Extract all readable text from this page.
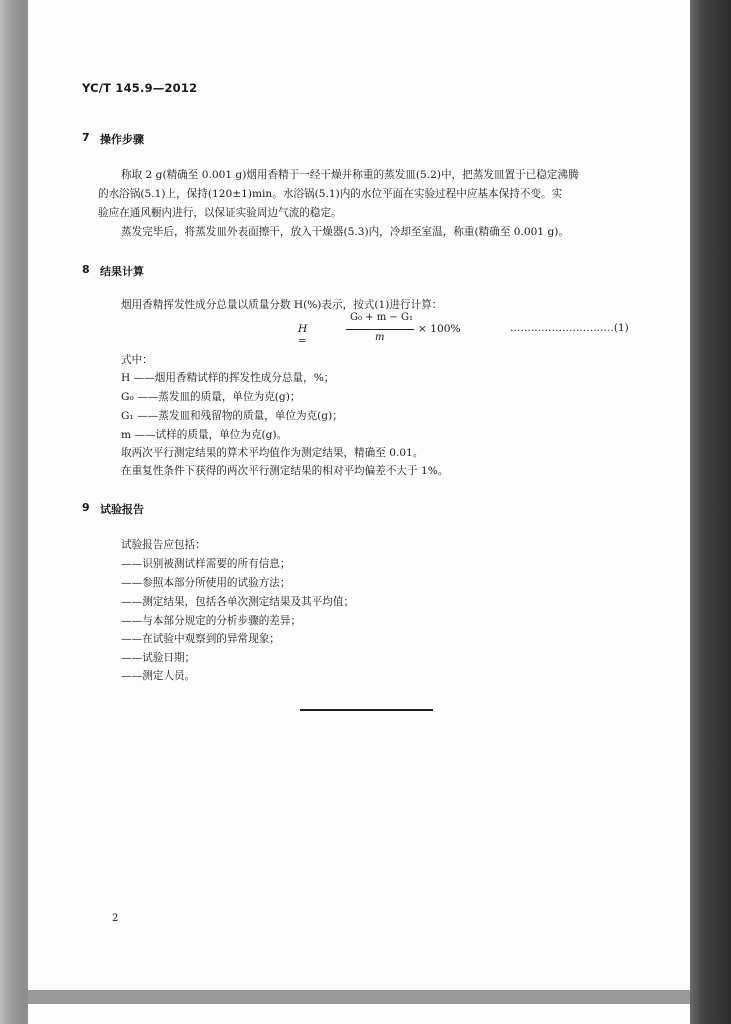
YC/T 145.9—2012
7 操作步骤
称取 2 g(精确至 0.001 g)烟用香精于一经干燥并称重的蒸发皿(5.2)中，把蒸发皿置于已稳定沸腾
的水浴锅(5.1)上，保持(120±1)min。水浴锅(5.1)内的水位平面在实验过程中应基本保持不变。实
验应在通风橱内进行，以保证实验周边气流的稳定。
蒸发完毕后，将蒸发皿外表面擦干，放入干燥器(5.3)内，冷却至室温，称重(精确至 0.001 g)。
8 结果计算
烟用香精挥发性成分总量以质量分数 H(%)表示，按式(1)进行计算：
H =
G₀ + m − G₁
m
× 100%	…………………………(1)
式中：
H ——烟用香精试样的挥发性成分总量，%；
G₀ ——蒸发皿的质量，单位为克(g)；
G₁ ——蒸发皿和残留物的质量，单位为克(g)；
m ——试样的质量，单位为克(g)。
取两次平行测定结果的算术平均值作为测定结果，精确至 0.01。
在重复性条件下获得的两次平行测定结果的相对平均偏差不大于 1%。
9 试验报告
试验报告应包括：
——识别被测试样需要的所有信息；
——参照本部分所使用的试验方法；
——测定结果，包括各单次测定结果及其平均值；
——与本部分规定的分析步骤的差异；
——在试验中观察到的异常现象；
——试验日期；
——测定人员。
2
